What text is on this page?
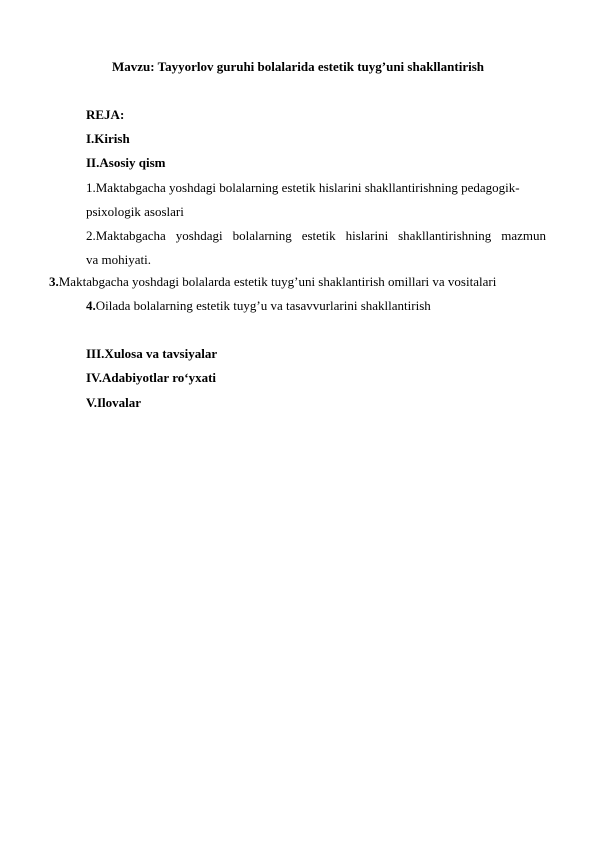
Mavzu: Tayyorlov guruhi bolalarida estetik tuyg’uni shakllantirish
REJA:
I.Kirish
II.Asosiy qism
1.Maktabgacha yoshdagi bolalarning estetik hislarini shakllantirishning pedagogik-
psixologik asoslari
2.Maktabgacha yoshdagi bolalarning estetik hislarini shakllantirishning mazmun
va mohiyati.
3.Maktabgacha yoshdagi bolalarda estetik tuyg’uni shaklantirish omillari va vositalari
4.Oilada bolalarning estetik tuyg’u va tasavvurlarini shakllantirish
III.Xulosa va tavsiyalar
IV.Adabiyotlar ro‘yxati
V.Ilovalar
